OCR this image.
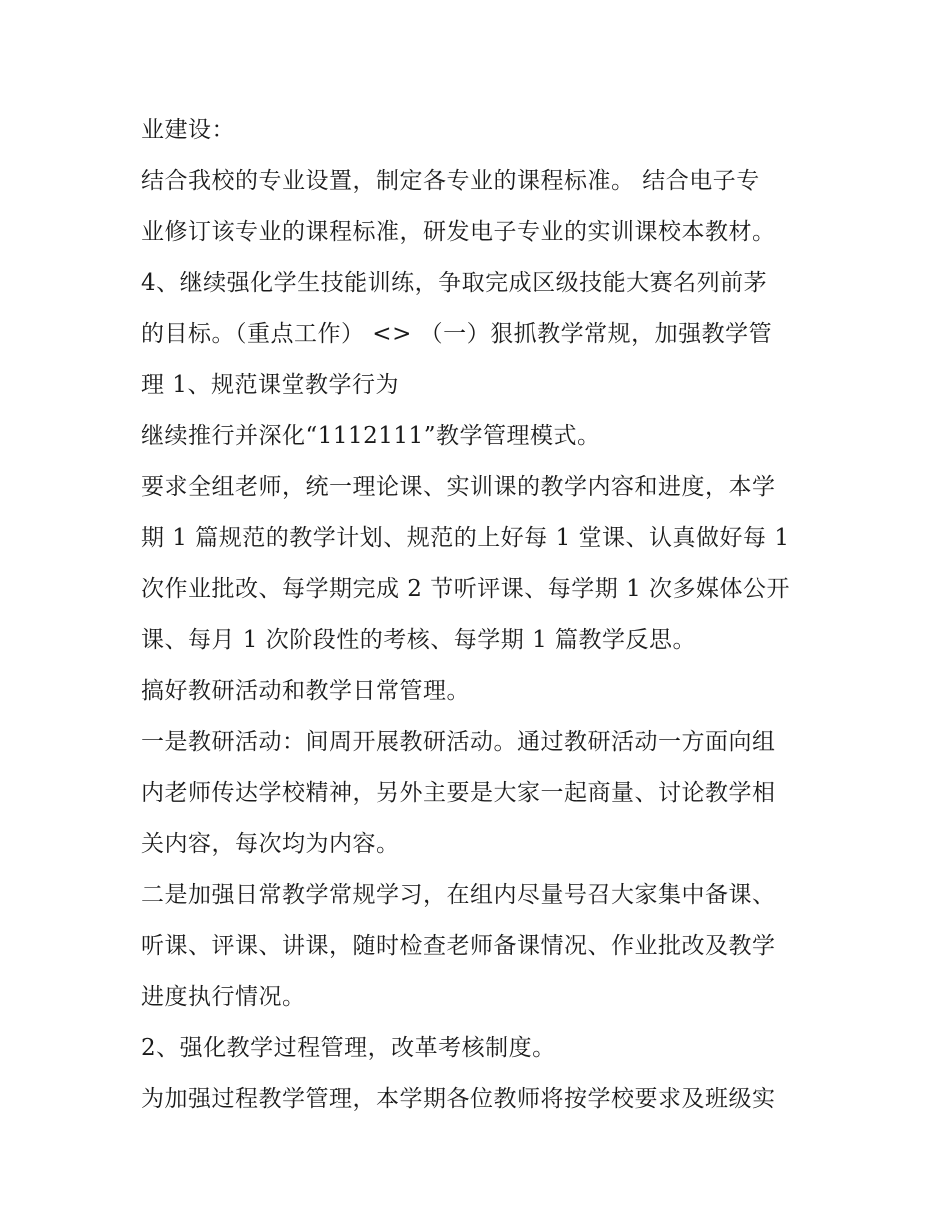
业建设：
结合我校的专业设置，制定各专业的课程标准。 结合电子专
业修订该专业的课程标准，研发电子专业的实训课校本教材。
4、继续强化学生技能训练，争取完成区级技能大赛名列前茅
的目标。（重点工作） <> （一）狠抓教学常规，加强教学管
理 1、规范课堂教学行为
继续推行并深化“1112111”教学管理模式。
要求全组老师，统一理论课、实训课的教学内容和进度，本学
期 1 篇规范的教学计划、规范的上好每 1 堂课、认真做好每 1
次作业批改、每学期完成 2 节听评课、每学期 1 次多媒体公开
课、每月 1 次阶段性的考核、每学期 1 篇教学反思。
搞好教研活动和教学日常管理。
一是教研活动：间周开展教研活动。通过教研活动一方面向组
内老师传达学校精神，另外主要是大家一起商量、讨论教学相
关内容，每次均为内容。
二是加强日常教学常规学习，在组内尽量号召大家集中备课、
听课、评课、讲课，随时检查老师备课情况、作业批改及教学
进度执行情况。
2、强化教学过程管理，改革考核制度。
为加强过程教学管理，本学期各位教师将按学校要求及班级实
